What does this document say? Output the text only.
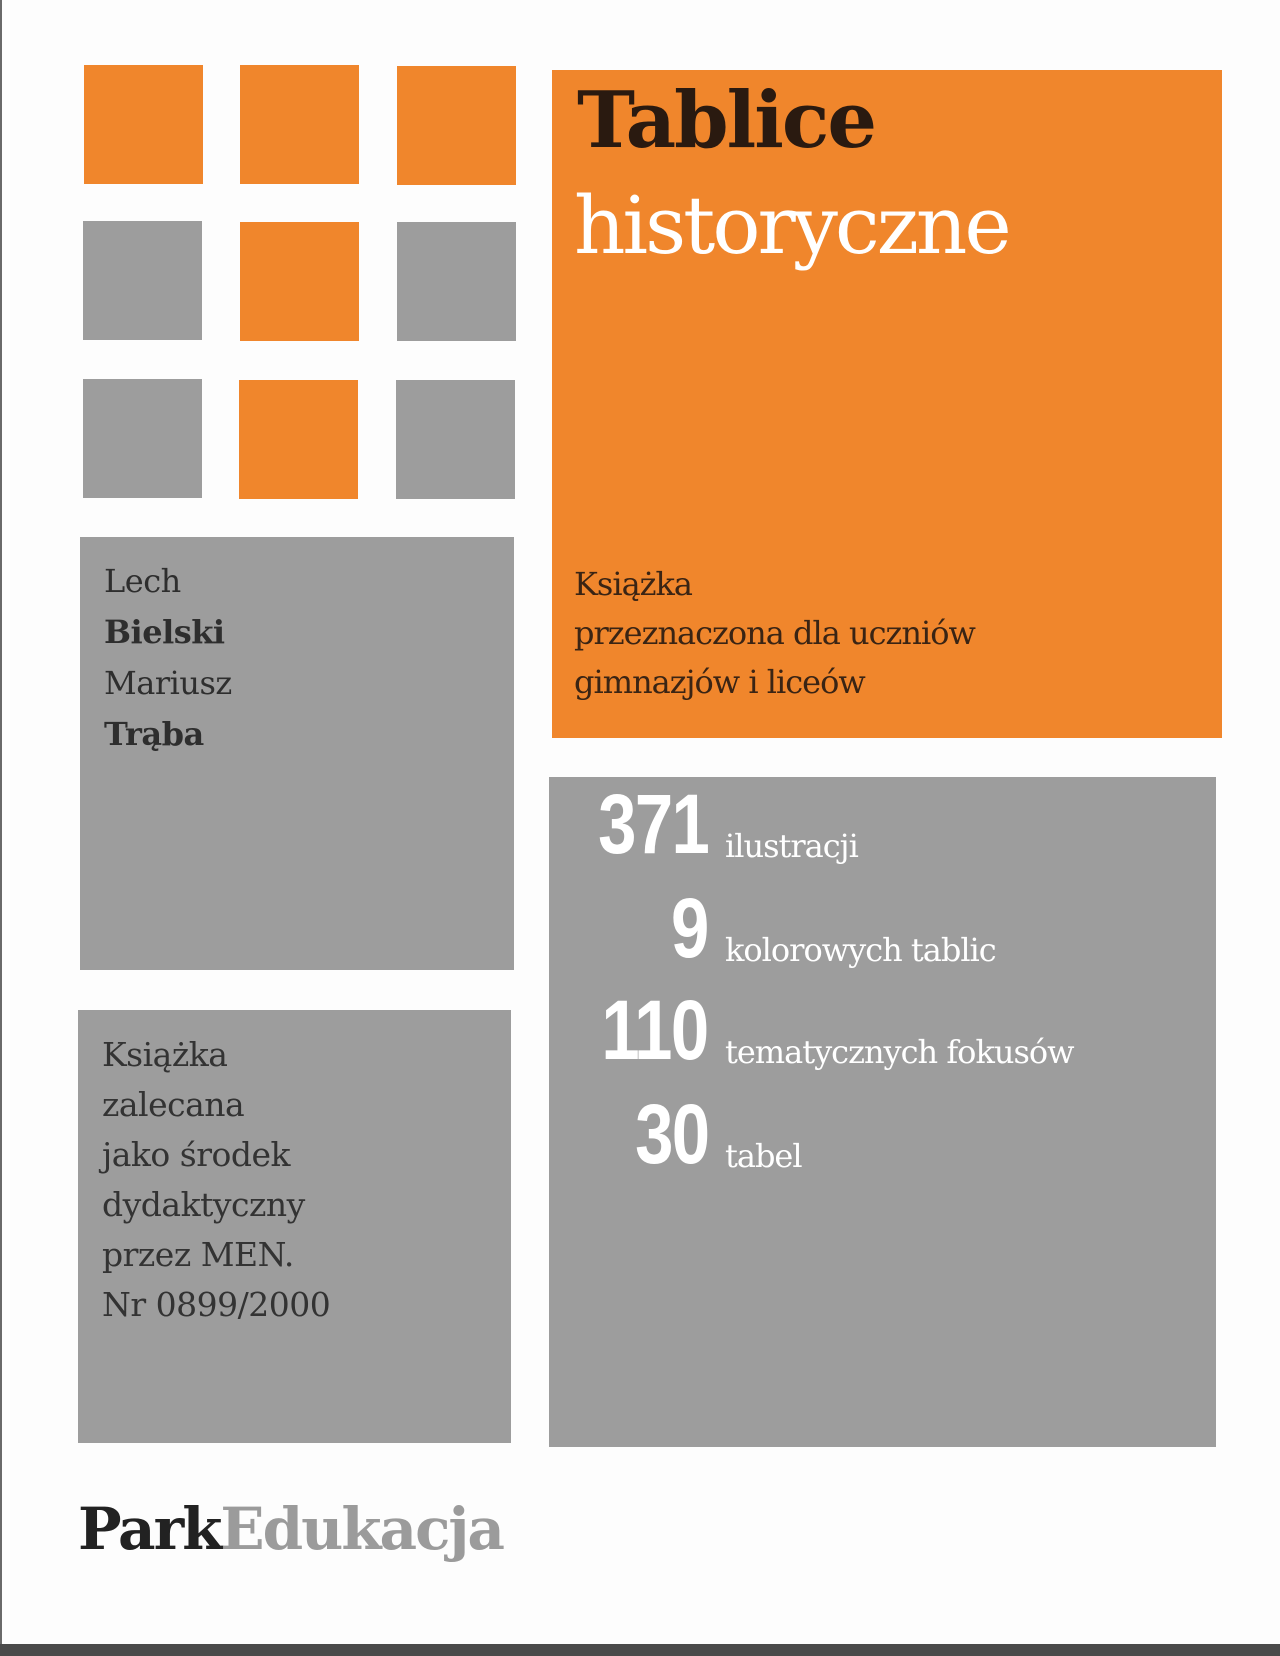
Tablice
historyczne
Książka
przeznaczona dla uczniów
gimnazjów i liceów
Lech
Bielski
Mariusz
Trąba
Książka
zalecana
jako środek
dydaktyczny
przez MEN.
Nr 0899/2000
371 ilustracji
9 kolorowych tablic
110 tematycznych fokusów
30 tabel
ParkEdukacja
